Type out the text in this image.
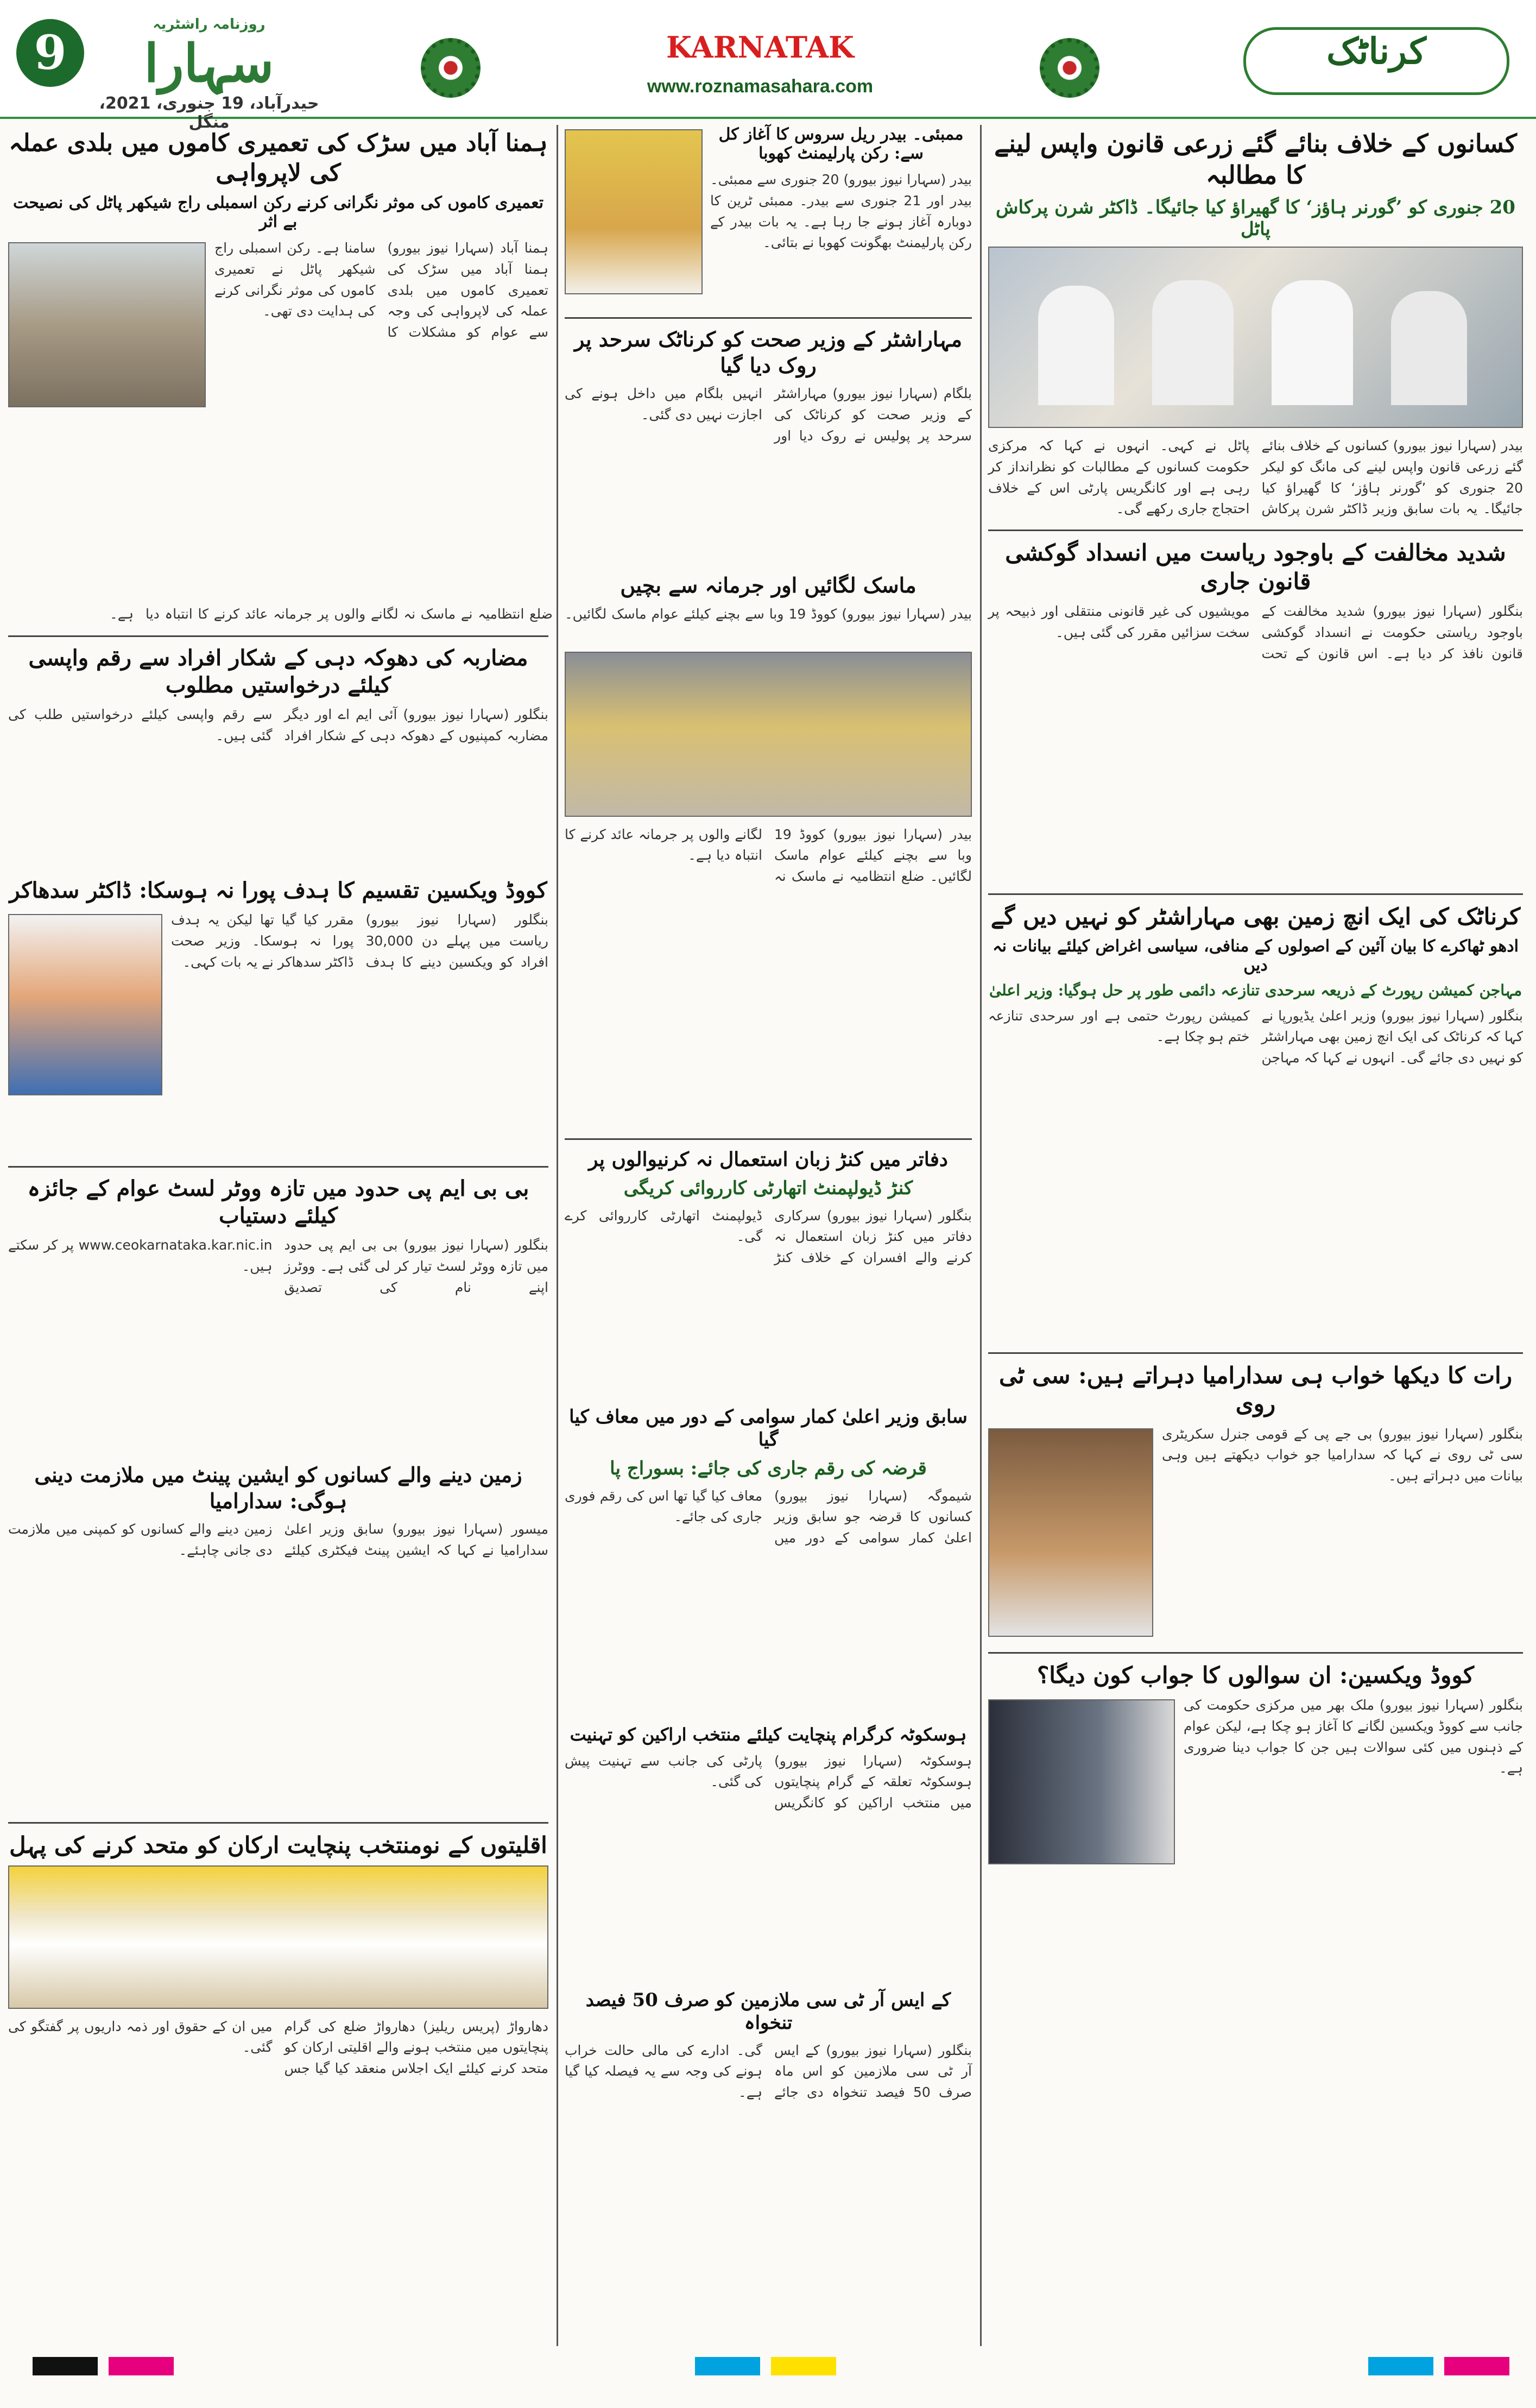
9
روزنامہ راشٹریہ
سہارا
حیدرآباد، 19 جنوری، 2021، منگل
KARNATAK
www.roznamasahara.com
کرناٹک
کسانوں کے خلاف بنائے گئے زرعی قانون واپس لینے کا مطالبہ
20 جنوری کو ’گورنر ہاؤز‘ کا گھیراؤ کیا جائیگا۔ ڈاکٹر شرن پرکاش پاٹل
بیدر (سہارا نیوز بیورو) کسانوں کے خلاف بنائے گئے زرعی قانون واپس لینے کی مانگ کو لیکر 20 جنوری کو ’گورنر ہاؤز‘ کا گھیراؤ کیا جائیگا۔ یہ بات سابق وزیر ڈاکٹر شرن پرکاش پاٹل نے کہی۔ انہوں نے کہا کہ مرکزی حکومت کسانوں کے مطالبات کو نظرانداز کر رہی ہے اور کانگریس پارٹی اس کے خلاف احتجاج جاری رکھے گی۔
شدید مخالفت کے باوجود ریاست میں انسداد گوکشی قانون جاری
بنگلور (سہارا نیوز بیورو) شدید مخالفت کے باوجود ریاستی حکومت نے انسداد گوکشی قانون نافذ کر دیا ہے۔ اس قانون کے تحت مویشیوں کی غیر قانونی منتقلی اور ذبیحہ پر سخت سزائیں مقرر کی گئی ہیں۔
کرناٹک کی ایک انچ زمین بھی مہاراشٹر کو نہیں دیں گے
ادھو ٹھاکرے کا بیان آئین کے اصولوں کے منافی، سیاسی اغراض کیلئے بیانات نہ دیں
مہاجن کمیشن رپورٹ کے ذریعہ سرحدی تنازعہ دائمی طور پر حل ہوگیا: وزیر اعلیٰ
بنگلور (سہارا نیوز بیورو) وزیر اعلیٰ یڈیورپا نے کہا کہ کرناٹک کی ایک انچ زمین بھی مہاراشٹر کو نہیں دی جائے گی۔ انہوں نے کہا کہ مہاجن کمیشن رپورٹ حتمی ہے اور سرحدی تنازعہ ختم ہو چکا ہے۔
رات کا دیکھا خواب ہی سدارامیا دہراتے ہیں: سی ٹی روی
بنگلور (سہارا نیوز بیورو) بی جے پی کے قومی جنرل سکریٹری سی ٹی روی نے کہا کہ سدارامیا جو خواب دیکھتے ہیں وہی بیانات میں دہراتے ہیں۔
کووڈ ویکسین: ان سوالوں کا جواب کون دیگا؟
بنگلور (سہارا نیوز بیورو) ملک بھر میں مرکزی حکومت کی جانب سے کووڈ ویکسین لگانے کا آغاز ہو چکا ہے، لیکن عوام کے ذہنوں میں کئی سوالات ہیں جن کا جواب دینا ضروری ہے۔
ممبئی۔ بیدر ریل سروس کا آغاز کل سے: رکن پارلیمنٹ کھوبا
بیدر (سہارا نیوز بیورو) 20 جنوری سے ممبئی۔ بیدر اور 21 جنوری سے بیدر۔ ممبئی ٹرین کا دوبارہ آغاز ہونے جا رہا ہے۔ یہ بات بیدر کے رکن پارلیمنٹ بھگونت کھوبا نے بتائی۔
مہاراشٹر کے وزیر صحت کو کرناٹک سرحد پر روک دیا گیا
بلگام (سہارا نیوز بیورو) مہاراشٹر کے وزیر صحت کو کرناٹک کی سرحد پر پولیس نے روک دیا اور انہیں بلگام میں داخل ہونے کی اجازت نہیں دی گئی۔
ماسک لگائیں اور جرمانہ سے بچیں
بیدر (سہارا نیوز بیورو) کووڈ 19 وبا سے بچنے کیلئے عوام ماسک لگائیں۔ ضلع انتظامیہ نے ماسک نہ لگانے والوں پر جرمانہ عائد کرنے کا انتباہ دیا ہے۔
بیدر (سہارا نیوز بیورو) کووڈ 19 وبا سے بچنے کیلئے عوام ماسک لگائیں۔ ضلع انتظامیہ نے ماسک نہ لگانے والوں پر جرمانہ عائد کرنے کا انتباہ دیا ہے۔
دفاتر میں کنڑ زبان استعمال نہ کرنیوالوں پر
کنڑ ڈیولپمنٹ اتھارٹی کارروائی کریگی
بنگلور (سہارا نیوز بیورو) سرکاری دفاتر میں کنڑ زبان استعمال نہ کرنے والے افسران کے خلاف کنڑ ڈیولپمنٹ اتھارٹی کارروائی کرے گی۔
سابق وزیر اعلیٰ کمار سوامی کے دور میں معاف کیا گیا
قرضہ کی رقم جاری کی جائے: بسوراج پا
شیموگہ (سہارا نیوز بیورو) کسانوں کا قرضہ جو سابق وزیر اعلیٰ کمار سوامی کے دور میں معاف کیا گیا تھا اس کی رقم فوری جاری کی جائے۔
ہوسکوٹہ کرگرام پنچایت کیلئے منتخب اراکین کو تہنیت
ہوسکوٹہ (سہارا نیوز بیورو) ہوسکوٹہ تعلقہ کے گرام پنچایتوں میں منتخب اراکین کو کانگریس پارٹی کی جانب سے تہنیت پیش کی گئی۔
کے ایس آر ٹی سی ملازمین کو صرف 50 فیصد تنخواہ
بنگلور (سہارا نیوز بیورو) کے ایس آر ٹی سی ملازمین کو اس ماہ صرف 50 فیصد تنخواہ دی جائے گی۔ ادارے کی مالی حالت خراب ہونے کی وجہ سے یہ فیصلہ کیا گیا ہے۔
ہمنا آباد میں سڑک کی تعمیری کاموں میں بلدی عملہ کی لاپرواہی
تعمیری کاموں کی موثر نگرانی کرنے رکن اسمبلی راج شیکھر پاٹل کی نصیحت بے اثر
ہمنا آباد (سہارا نیوز بیورو) ہمنا آباد میں سڑک کی تعمیری کاموں میں بلدی عملہ کی لاپرواہی کی وجہ سے عوام کو مشکلات کا سامنا ہے۔ رکن اسمبلی راج شیکھر پاٹل نے تعمیری کاموں کی موثر نگرانی کرنے کی ہدایت دی تھی۔
مضاربہ کی دھوکہ دہی کے شکار افراد سے رقم واپسی کیلئے درخواستیں مطلوب
بنگلور (سہارا نیوز بیورو) آئی ایم اے اور دیگر مضاربہ کمپنیوں کے دھوکہ دہی کے شکار افراد سے رقم واپسی کیلئے درخواستیں طلب کی گئی ہیں۔
کووڈ ویکسین تقسیم کا ہدف پورا نہ ہوسکا: ڈاکٹر سدھاکر
بنگلور (سہارا نیوز بیورو) ریاست میں پہلے دن 30,000 افراد کو ویکسین دینے کا ہدف مقرر کیا گیا تھا لیکن یہ ہدف پورا نہ ہوسکا۔ وزیر صحت ڈاکٹر سدھاکر نے یہ بات کہی۔
بی بی ایم پی حدود میں تازہ ووٹر لسٹ عوام کے جائزہ کیلئے دستیاب
بنگلور (سہارا نیوز بیورو) بی بی ایم پی حدود میں تازہ ووٹر لسٹ تیار کر لی گئی ہے۔ ووٹرز اپنے نام کی تصدیق www.ceokarnataka.kar.nic.in پر کر سکتے ہیں۔
زمین دینے والے کسانوں کو ایشین پینٹ میں ملازمت دینی ہوگی: سدارامیا
میسور (سہارا نیوز بیورو) سابق وزیر اعلیٰ سدارامیا نے کہا کہ ایشین پینٹ فیکٹری کیلئے زمین دینے والے کسانوں کو کمپنی میں ملازمت دی جانی چاہئے۔
اقلیتوں کے نومنتخب پنچایت ارکان کو متحد کرنے کی پہل
دھارواڑ (پریس ریلیز) دھارواڑ ضلع کی گرام پنچایتوں میں منتخب ہونے والے اقلیتی ارکان کو متحد کرنے کیلئے ایک اجلاس منعقد کیا گیا جس میں ان کے حقوق اور ذمہ داریوں پر گفتگو کی گئی۔
